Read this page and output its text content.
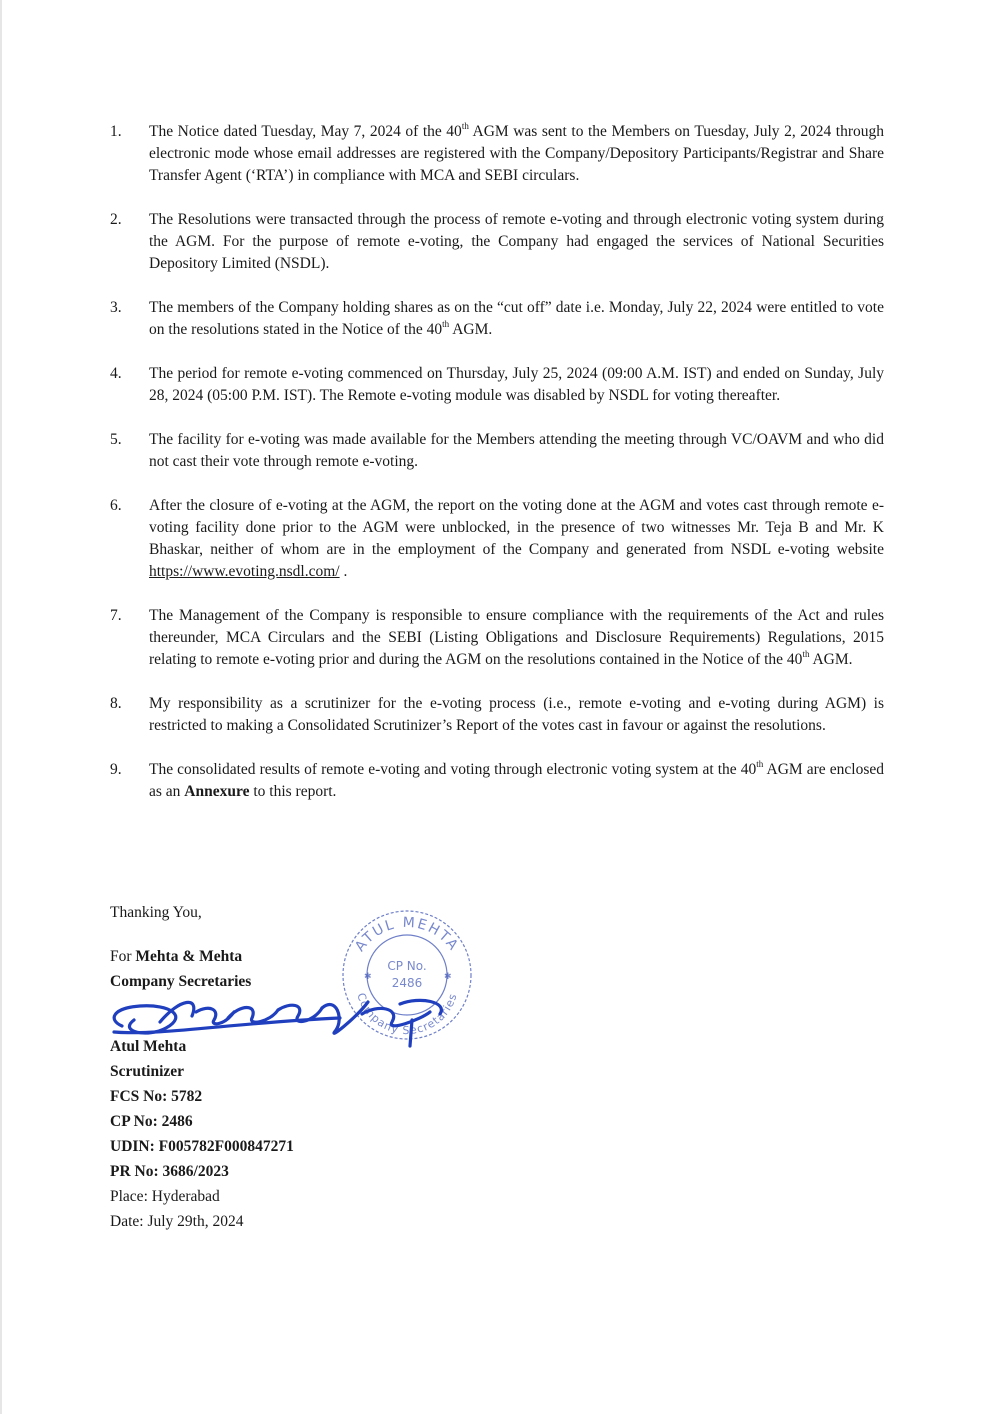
1.	The Notice dated Tuesday, May 7, 2024 of the 40th AGM was sent to the Members on Tuesday, July 2, 2024 through electronic mode whose email addresses are registered with the Company/Depository Participants/Registrar and Share Transfer Agent (‘RTA’) in compliance with MCA and SEBI circulars.
2.	The Resolutions were transacted through the process of remote e-voting and through electronic voting system during the AGM. For the purpose of remote e-voting, the Company had engaged the services of National Securities Depository Limited (NSDL).
3.	The members of the Company holding shares as on the “cut off” date i.e. Monday, July 22, 2024 were entitled to vote on the resolutions stated in the Notice of the 40th AGM.
4.	The period for remote e-voting commenced on Thursday, July 25, 2024 (09:00 A.M. IST) and ended on Sunday, July 28, 2024 (05:00 P.M. IST). The Remote e-voting module was disabled by NSDL for voting thereafter.
5.	The facility for e-voting was made available for the Members attending the meeting through VC/OAVM and who did not cast their vote through remote e-voting.
6.	After the closure of e-voting at the AGM, the report on the voting done at the AGM and votes cast through remote e-voting facility done prior to the AGM were unblocked, in the presence of two witnesses Mr. Teja B and Mr. K Bhaskar, neither of whom are in the employment of the Company and generated from NSDL e-voting website https://www.evoting.nsdl.com/ .
7.	The Management of the Company is responsible to ensure compliance with the requirements of the Act and rules thereunder, MCA Circulars and the SEBI (Listing Obligations and Disclosure Requirements) Regulations, 2015 relating to remote e-voting prior and during the AGM on the resolutions contained in the Notice of the 40th AGM.
8.	My responsibility as a scrutinizer for the e-voting process (i.e., remote e-voting and e-voting during AGM) is restricted to making a Consolidated Scrutinizer’s Report of the votes cast in favour or against the resolutions.
9.	The consolidated results of remote e-voting and voting through electronic voting system at the 40th AGM are enclosed as an Annexure to this report.
Thanking You,
For Mehta & Mehta
Company Secretaries
Atul Mehta
Scrutinizer
FCS No: 5782
CP No: 2486
UDIN: F005782F000847271
PR No: 3686/2023
Place: Hyderabad
Date: July 29th, 2024
ATUL MEHTA
Company Secretaries
CP No.
2486
✱	✱
